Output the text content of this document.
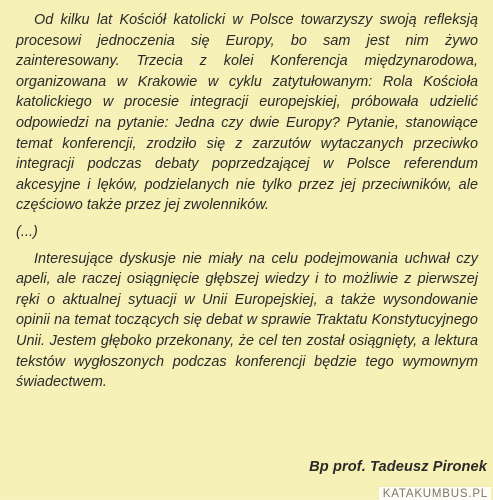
Od kilku lat Kościół katolicki w Polsce towarzyszy swoją refleksją procesowi jednoczenia się Europy, bo sam jest nim żywo zainteresowany. Trzecia z kolei Konferencja międzynarodowa, organizowana w Krakowie w cyklu zatytułowanym: Rola Kościoła katolickiego w procesie integracji europejskiej, próbowała udzielić odpowiedzi na pytanie: Jedna czy dwie Europy? Pytanie, stanowiące temat konferencji, zrodziło się z zarzutów wytaczanych przeciwko integracji podczas debaty poprzedzającej w Polsce referendum akcesyjne i lęków, podzielanych nie tylko przez jej przeciwników, ale częściowo także przez jej zwolenników.

(...)

Interesujące dyskusje nie miały na celu podejmowania uchwał czy apeli, ale raczej osiągnięcie głębszej wiedzy i to możliwie z pierwszej ręki o aktualnej sytuacji w Unii Europejskiej, a także wysondowanie opinii na temat toczących się debat w sprawie Traktatu Konstytucyjnego Unii. Jestem głęboko przekonany, że cel ten został osiągnięty, a lektura tekstów wygłoszonych podczas konferencji będzie tego wymownym świadectwem.

Bp prof. Tadeusz Pironek
KATAKUMBUS.PL
